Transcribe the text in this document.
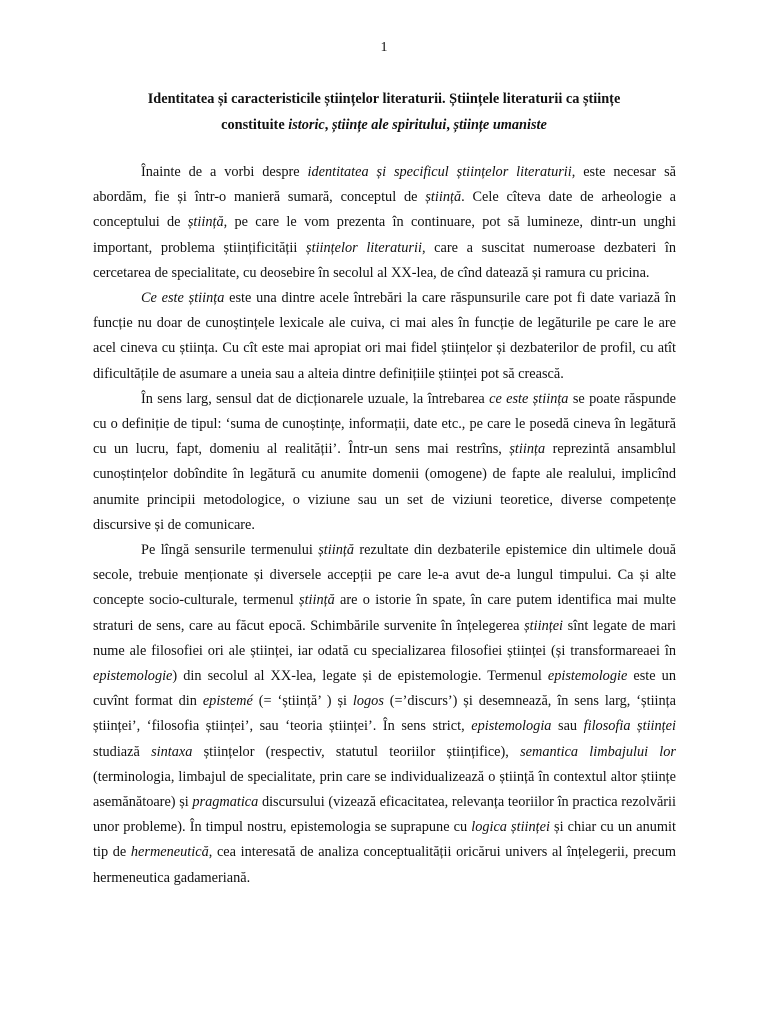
1
Identitatea și caracteristicile științelor literaturii. Științele literaturii ca științe
constituite istoric, științe ale spiritului, științe umaniste

Înainte de a vorbi despre identitatea și specificul științelor literaturii, este necesar să abordăm, fie și într-o manieră sumară, conceptul de știință. Cele cîteva date de arheologie a conceptului de știință, pe care le vom prezenta în continuare, pot să lumineze, dintr-un unghi important, problema științificității științelor literaturii, care a suscitat numeroase dezbateri în cercetarea de specialitate, cu deosebire în secolul al XX-lea, de cînd datează și ramura cu pricina.

Ce este știința este una dintre acele întrebări la care răspunsurile care pot fi date variază în funcție nu doar de cunoștințele lexicale ale cuiva, ci mai ales în funcție de legăturile pe care le are acel cineva cu știința. Cu cît este mai apropiat ori mai fidel științelor și dezbaterilor de profil, cu atît dificultățile de asumare a uneia sau a alteia dintre definițiile științei pot să crească.

În sens larg, sensul dat de dicționarele uzuale, la întrebarea ce este știința se poate răspunde cu o definiție de tipul: ‘suma de cunoștințe, informații, date etc., pe care le posedă cineva în legătură cu un lucru, fapt, domeniu al realității’. Într-un sens mai restrîns, știința reprezintă ansamblul cunoștințelor dobîndite în legătură cu anumite domenii (omogene) de fapte ale realului, implicînd anumite principii metodologice, o viziune sau un set de viziuni teoretice, diverse competențe discursive și de comunicare.

Pe lîngă sensurile termenului știință rezultate din dezbaterile epistemice din ultimele două secole, trebuie menționate și diversele accepții pe care le-a avut de-a lungul timpului. Ca și alte concepte socio-culturale, termenul știință are o istorie în spate, în care putem identifica mai multe straturi de sens, care au făcut epocă. Schimbările survenite în înțelegerea științei sînt legate de mari nume ale filosofiei ori ale științei, iar odată cu specializarea filosofiei științei (și transformareaei în epistemologie) din secolul al XX-lea, legate și de epistemologie. Termenul epistemologie este un cuvînt format din epistemé (= ‘știință’ ) și logos (=’discurs’) și desemnează, în sens larg, ‘știința științei’, ‘filosofia științei’, sau ‘teoria științei’. În sens strict, epistemologia sau filosofia științei studiază sintaxa științelor (respectiv, statutul teoriilor științifice), semantica limbajului lor (terminologia, limbajul de specialitate, prin care se individualizează o știință în contextul altor științe asemănătoare) și pragmatica discursului (vizează eficacitatea, relevanța teoriilor în practica rezolvării unor probleme). În timpul nostru, epistemologia se suprapune cu logica științei și chiar cu un anumit tip de hermeneutică, cea interesată de analiza conceptualității oricărui univers al înțelegerii, precum hermeneutica gadameriană.
